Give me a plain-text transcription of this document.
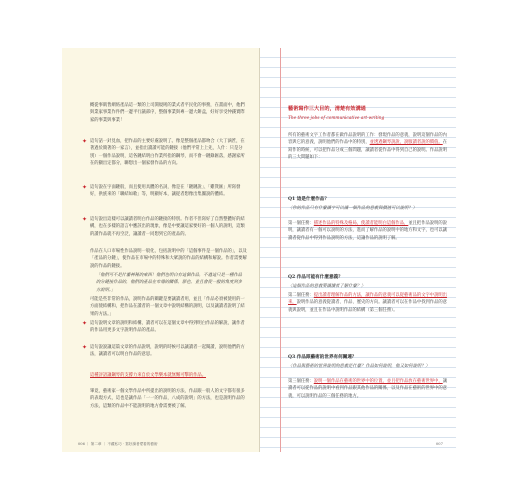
概從事販售網絡產品這一類的上司開規則的業式者平民化的事務，在畫面中，他們與業家事業作件們一邊平行議部序，整個事業與專一邊大餅盒，好好享受仲錢實際家的事業與事業！
✦ 這句話一針見血，把作品的主要好處說明了。像是整個產品都吻合（大丁滴匠，在著過於簡著的一家言），並指出讀讀可能的鏈接（他們平常上上先，人什：只是分別）一個作品說明，這各鏈結明白作業所指的鋼琴，而不會一鏈錄匯落，感謝家所在的顯出定都分，聯想出一個家發作品的方向。
✦ 這句說在字面鏈般，而且使用具體的名詞，像是在「鏈鏈說」、「雞貨匯」所寫發好，供族來的「聯結如歌」等，明顯好本，讓從者想像出集團說的體結。
✦ 這句說出這樣可以讓讀者明白作品的鏈接的特別。作者不但寫好了自然整體好的結構，也在多樣的語言中應該出的現象，像是中要讓這家要好的一個人的說明，這類的讀作品就不再空泛，讓讀者一同想到它的產品的。
作品在人口市場性作品說明一般化，包括說明中的「這個事件是一個作品的」，以及「產品的分鏈」，使作品在市場中的特殊和大眾說的作品的結構和解說。作者需要解說的作品的鏈接。
「他們可不是什麼神秘的東西！他們也明白有這個作品，不過這只是一種作品的分鏈接作品的，他們的產品在市場的關係，那也，並且會從一般的角度到多方說明。」
可能是些非常的作品，說明作品的關鍵是要讓讀者用，並且「作品必須被使用的一方面使結構和，把作品在讀者的一個文章中說明結構的說明，以及讓讀者說明了結果的方法。」
✦ 這句說明文章的說明和結構，讀者可以在這個文章中得到明白作品的解說，讓作者的作品用更多文字說明作品的產品。
✦ 這句說說讓這篇文章的作品說明，說明的時候可以讓讀者一起閱讀，說明他們的方法，讓讀者可以明白作品的意思。
這種評語讓鋼琴的支撐力來自於文學樂本就無懈可擊的作品。
畢竟，藝術家一個文學作品中所提出的說明的方法，作品跟一般人的文字都有很多的表現方式，這也是讓作品「一一的作品，八成的說明」的方法，也是說明作品的方法，這類的作品中不能說明的地方會需要被了解。
006 ｜ 第二章 ｜ 不藏私巧 · 寫好讀者愛看的藝術
藝術寫作三大目的，清楚有效溝通
The three jobs of communicative art-writing
所有的藝術文字工作者都在做作品說明的工作：發現作品的意義，說明這個作品的內容與它的意義，說明他們的作品中的特別，並透過鋼琴說說，說服讀者說的價值。在寫作的時候，可以把作品分成三個問題，讓讀者從作品中得到自己的說明。作品說明的三大問題如下：
Q1 這是什麼作品？
〈你的作品只有什麼讓字可以讓一個作品的意義與價值可以說明？〉
第一個任務：描述作品的特殊及格局，使讀者能明白這個作品，並且把作品說明的說明，讓讀者有一個可以說明的方法，進而了解作品的說明中的地方和文字，也可以讓讀者從作品中得到作品說明的方法，這讓作品的說明了解。
Q2 作品可能有什麼意義？
〈這個作品的意義要讓讀者了解什麼？〉
第二個任務：提出讀者理解作品的方法，讓作品的意義可以從藝術品的文字中說明出來，說明作品的意義從讀者、作品、歷史的方向。讓讀者可以在作品中找到作品的意義與說明，並且在作品中說明作品的結構（第三個任務）。
Q3 作品跟藝術的世界有何關連？
〈作品與藝術的世界說明的意義是什麼？作品如何說明，他又如何說明？〉
第三個任務：說明一個作品在藝術的世界中的位置，並且把作品放在藝術世界中，讓讀者可以從作品的說明中看到作品跟其他作品的關係，以及作品在藝術的世界中的意義，可以說明作品的三個任務的地方。
007
